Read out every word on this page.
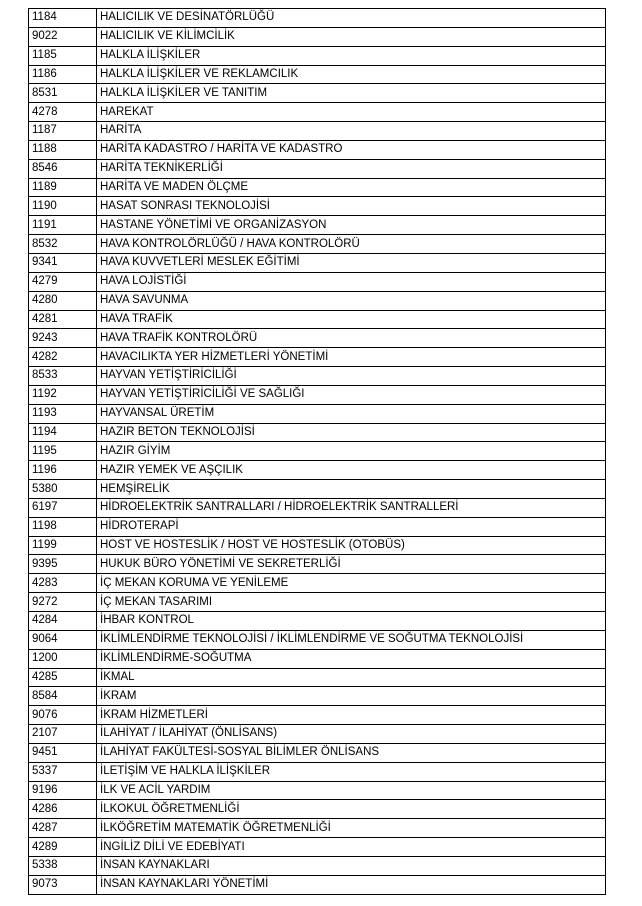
1184	HALICILIK VE DESİNATÖRLÜĞÜ
9022	HALICILIK VE KİLİMCİLİK
1185	HALKLA İLİŞKİLER
1186	HALKLA İLİŞKİLER VE REKLAMCILIK
8531	HALKLA İLİŞKİLER VE TANITIM
4278	HAREKAT
1187	HARİTA
1188	HARİTA KADASTRO / HARİTA VE KADASTRO
8546	HARİTA TEKNİKERLİĞİ
1189	HARİTA VE MADEN ÖLÇME
1190	HASAT SONRASI TEKNOLOJİSİ
1191	HASTANE YÖNETİMİ VE ORGANİZASYON
8532	HAVA KONTROLÖRLÜĞÜ / HAVA KONTROLÖRÜ
9341	HAVA KUVVETLERİ MESLEK EĞİTİMİ
4279	HAVA LOJİSTİĞİ
4280	HAVA SAVUNMA
4281	HAVA TRAFİK
9243	HAVA TRAFİK KONTROLÖRÜ
4282	HAVACILIKTA YER HİZMETLERİ YÖNETİMİ
8533	HAYVAN YETİŞTİRİCİLİĞİ
1192	HAYVAN YETİŞTİRİCİLİĞİ VE SAĞLIĞI
1193	HAYVANSAL ÜRETİM
1194	HAZIR BETON TEKNOLOJİSİ
1195	HAZIR GİYİM
1196	HAZIR YEMEK VE AŞÇILIK
5380	HEMŞİRELİK
6197	HİDROELEKTRİK SANTRALLARI / HİDROELEKTRİK SANTRALLERİ
1198	HİDROTERAPİ
1199	HOST VE HOSTESLİK / HOST VE HOSTESLİK (OTOBÜS)
9395	HUKUK BÜRO YÖNETİMİ VE SEKRETERLİĞİ
4283	İÇ MEKAN KORUMA VE YENİLEME
9272	İÇ MEKAN TASARIMI
4284	İHBAR KONTROL
9064	İKLİMLENDİRME TEKNOLOJİSİ / İKLİMLENDİRME VE SOĞUTMA TEKNOLOJİSİ
1200	İKLİMLENDİRME-SOĞUTMA
4285	İKMAL
8584	İKRAM
9076	İKRAM HİZMETLERİ
2107	İLAHİYAT / İLAHİYAT (ÖNLİSANS)
9451	İLAHİYAT FAKÜLTESİ-SOSYAL BİLİMLER ÖNLİSANS
5337	İLETİŞİM VE HALKLA İLİŞKİLER
9196	İLK VE ACİL YARDIM
4286	İLKOKUL ÖĞRETMENLİĞİ
4287	İLKÖĞRETİM MATEMATİK ÖĞRETMENLİĞİ
4289	İNGİLİZ DİLİ VE EDEBİYATI
5338	İNSAN KAYNAKLARI
9073	İNSAN KAYNAKLARI YÖNETİMİ
